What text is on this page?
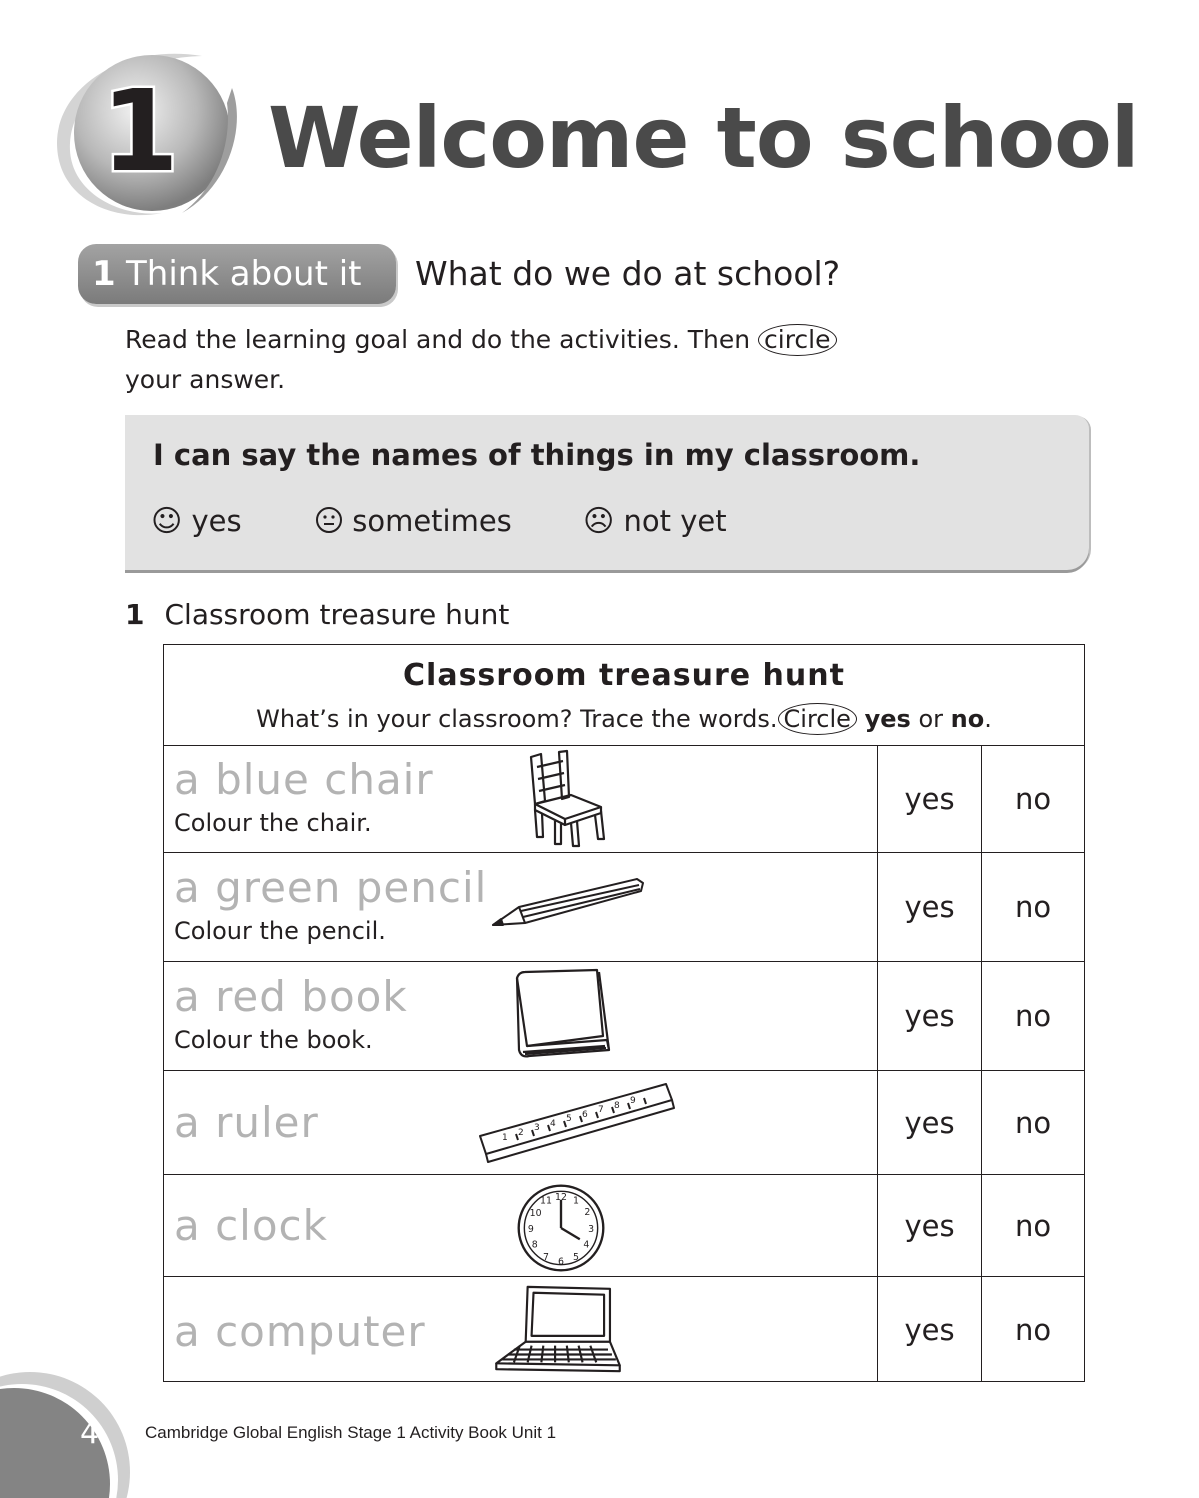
1 Welcome to school
1 Think about it What do we do at school?
Read the learning goal and do the activities. Then circle
your answer.
I can say the names of things in my classroom.
☺ yes	sometimes ☹ not yet
1 Classroom treasure hunt
Classroom treasure hunt
What’s in your classroom? Trace the words. Circle yes or no.
a blue chair
Colour the chair.
yes	no
a green pencil
Colour the pencil.
yes	no
a red book
Colour the book.
yes	no
a ruler	1 2 3 4 5 6 7 8 9
yes	no
a clock
12 1
2
3
4
5
6
7
8
9
10
11
yes	no
a computer	yes	no
4	Cambridge Global English Stage 1 Activity Book Unit 1
